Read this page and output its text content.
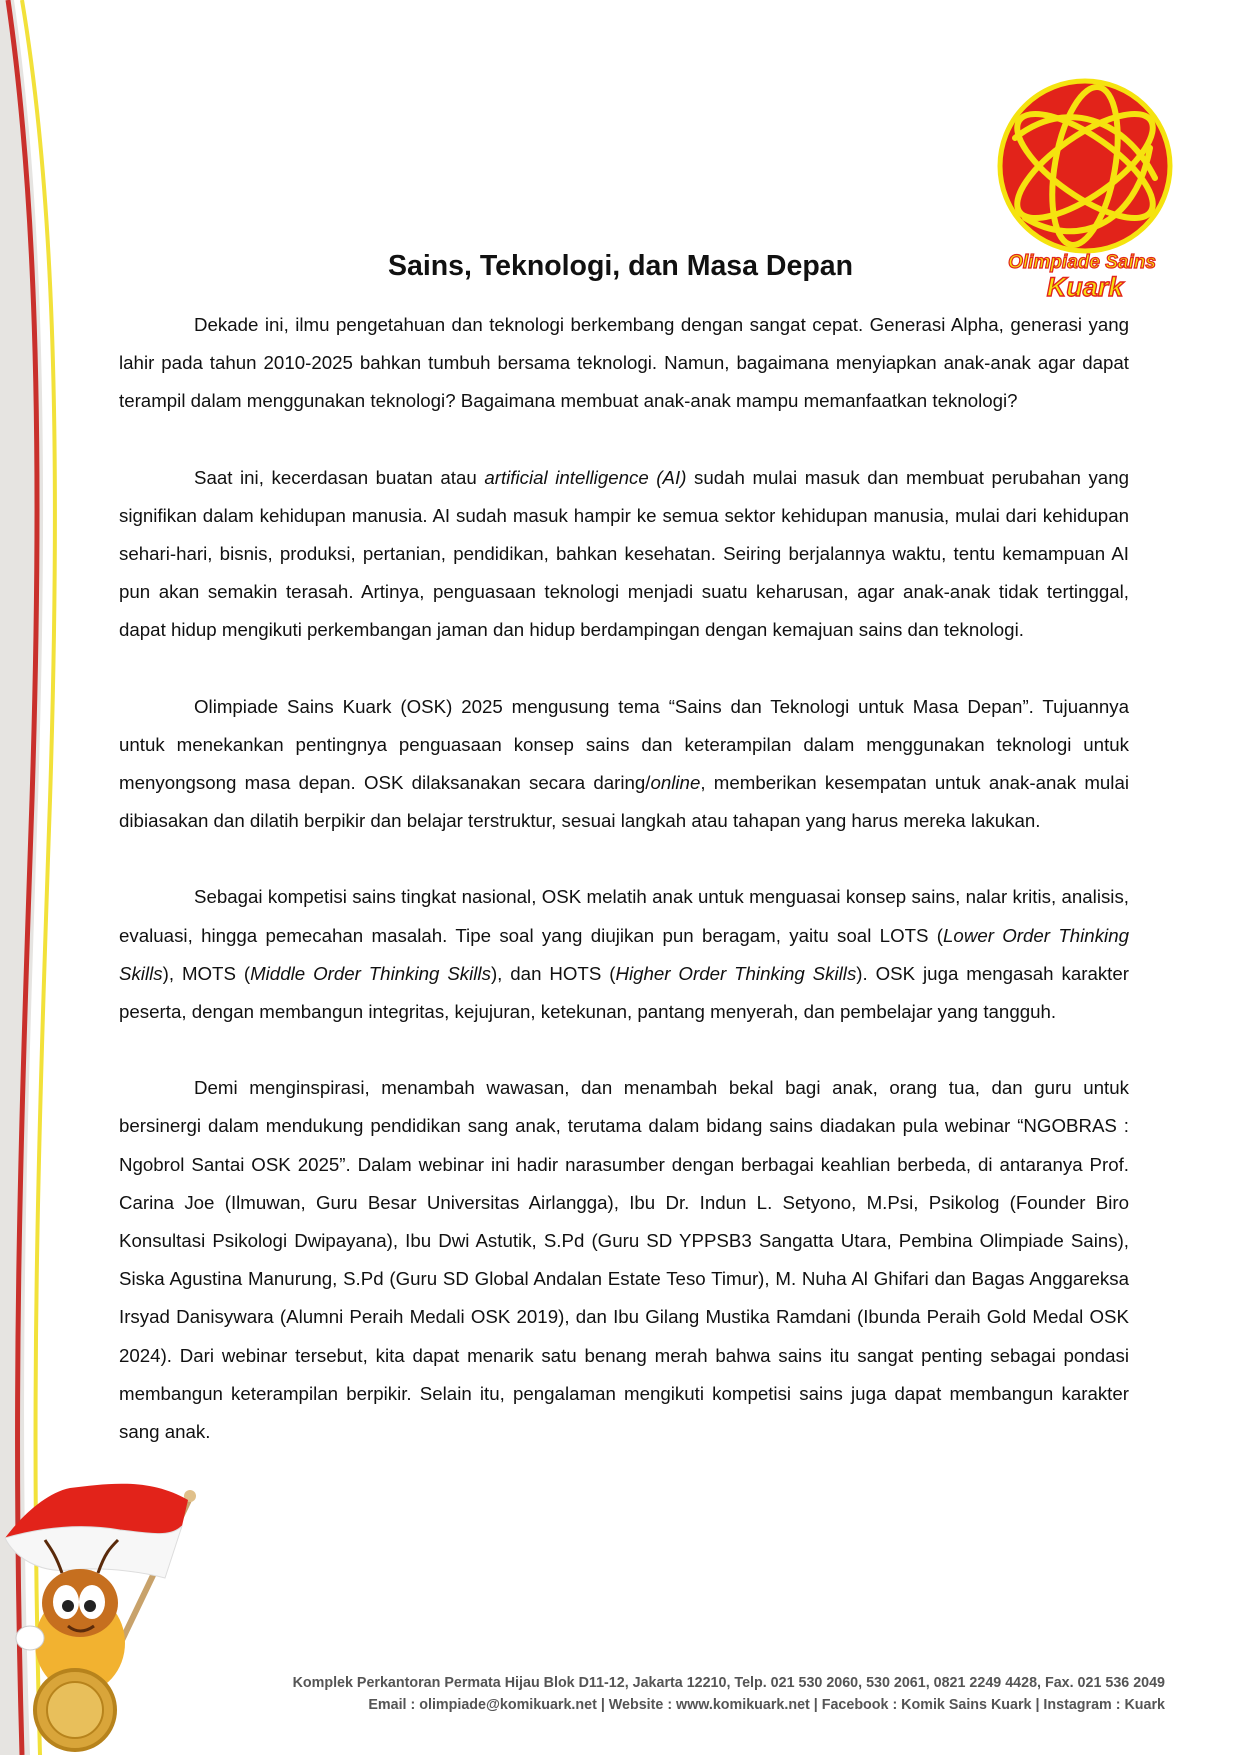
Olimpiade Sains
Kuark
Sains, Teknologi, dan Masa Depan

Dekade ini, ilmu pengetahuan dan teknologi berkembang dengan sangat cepat. Generasi Alpha, generasi yang lahir pada tahun 2010-2025 bahkan tumbuh bersama teknologi. Namun, bagaimana menyiapkan anak-anak agar dapat terampil dalam menggunakan teknologi? Bagaimana membuat anak-anak mampu memanfaatkan teknologi?

Saat ini, kecerdasan buatan atau artificial intelligence (AI) sudah mulai masuk dan membuat perubahan yang signifikan dalam kehidupan manusia. AI sudah masuk hampir ke semua sektor kehidupan manusia, mulai dari kehidupan sehari-hari, bisnis, produksi, pertanian, pendidikan, bahkan kesehatan. Seiring berjalannya waktu, tentu kemampuan AI pun akan semakin terasah. Artinya, penguasaan teknologi menjadi suatu keharusan, agar anak-anak tidak tertinggal, dapat hidup mengikuti perkembangan jaman dan hidup berdampingan dengan kemajuan sains dan teknologi.

Olimpiade Sains Kuark (OSK) 2025 mengusung tema “Sains dan Teknologi untuk Masa Depan”. Tujuannya untuk menekankan pentingnya penguasaan konsep sains dan keterampilan dalam menggunakan teknologi untuk menyongsong masa depan. OSK dilaksanakan secara daring/online, memberikan kesempatan untuk anak-anak mulai dibiasakan dan dilatih berpikir dan belajar terstruktur, sesuai langkah atau tahapan yang harus mereka lakukan.

Sebagai kompetisi sains tingkat nasional, OSK melatih anak untuk menguasai konsep sains, nalar kritis, analisis, evaluasi, hingga pemecahan masalah. Tipe soal yang diujikan pun beragam, yaitu soal LOTS (Lower Order Thinking Skills), MOTS (Middle Order Thinking Skills), dan HOTS (Higher Order Thinking Skills). OSK juga mengasah karakter peserta, dengan membangun integritas, kejujuran, ketekunan, pantang menyerah, dan pembelajar yang tangguh.

Demi menginspirasi, menambah wawasan, dan menambah bekal bagi anak, orang tua, dan guru untuk bersinergi dalam mendukung pendidikan sang anak, terutama dalam bidang sains diadakan pula webinar “NGOBRAS : Ngobrol Santai OSK 2025”. Dalam webinar ini hadir narasumber dengan berbagai keahlian berbeda, di antaranya Prof. Carina Joe (Ilmuwan, Guru Besar Universitas Airlangga), Ibu Dr. Indun L. Setyono, M.Psi, Psikolog (Founder Biro Konsultasi Psikologi Dwipayana), Ibu Dwi Astutik, S.Pd (Guru SD YPPSB3 Sangatta Utara, Pembina Olimpiade Sains), Siska Agustina Manurung, S.Pd (Guru SD Global Andalan Estate Teso Timur), M. Nuha Al Ghifari dan Bagas Anggareksa Irsyad Danisywara (Alumni Peraih Medali OSK 2019), dan Ibu Gilang Mustika Ramdani (Ibunda Peraih Gold Medal OSK 2024). Dari webinar tersebut, kita dapat menarik satu benang merah bahwa sains itu sangat penting sebagai pondasi membangun keterampilan berpikir. Selain itu, pengalaman mengikuti kompetisi sains juga dapat membangun karakter sang anak.

Komplek Perkantoran Permata Hijau Blok D11-12, Jakarta 12210, Telp. 021 530 2060, 530 2061, 0821 2249 4428, Fax. 021 536 2049
Email : olimpiade@komikuark.net | Website : www.komikuark.net | Facebook : Komik Sains Kuark | Instagram : Kuark
